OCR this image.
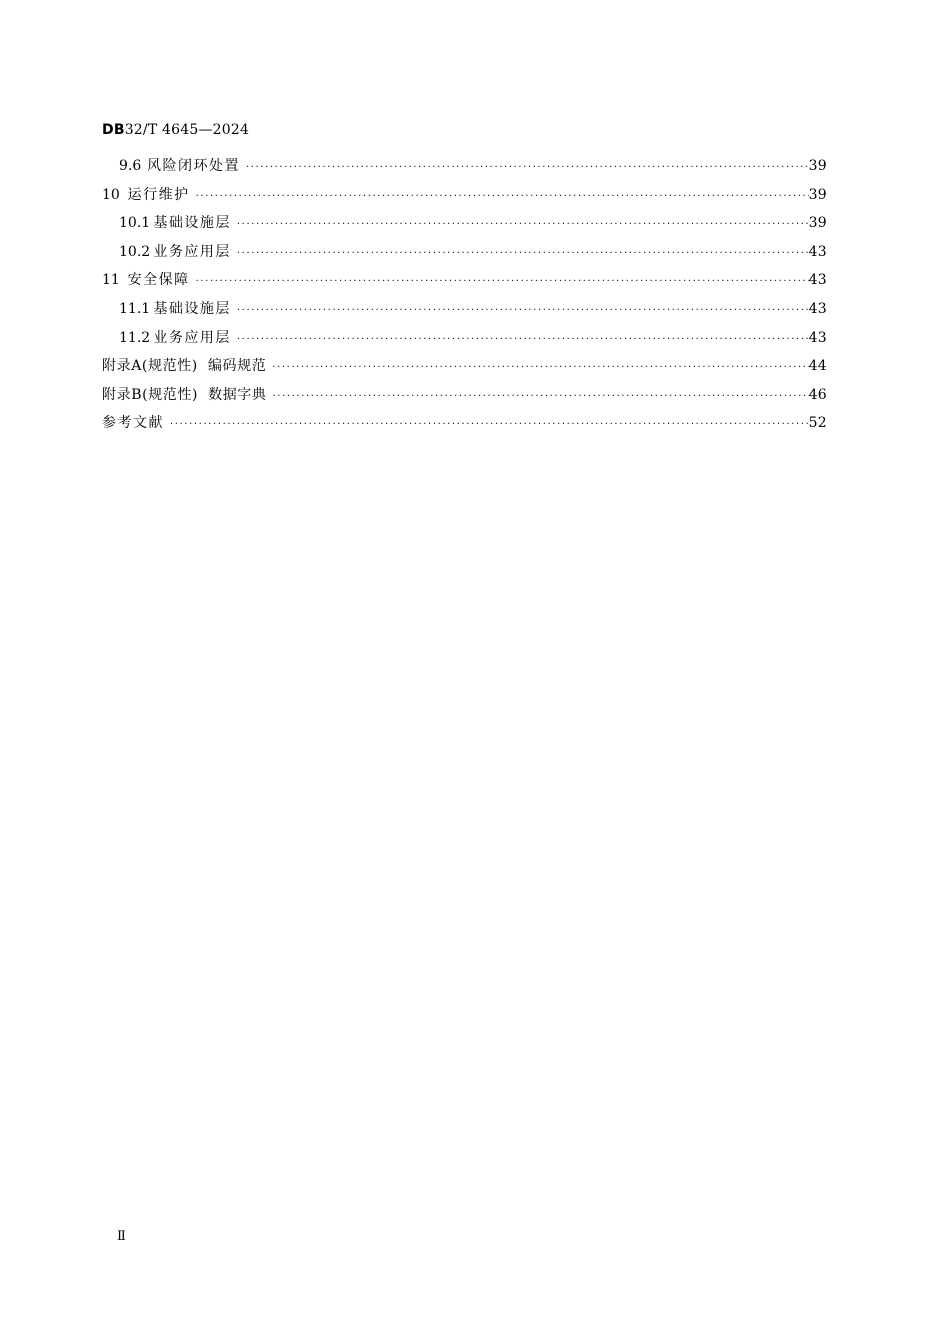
DB32/T 4645—2024
9.6 风险闭环处置 ·····	39
10 运行维护 ·····	39
10.1 基础设施层 ·····	39
10.2 业务应用层 ·····	43
11 安全保障 ·····	43
11.1 基础设施层 ·····	43
11.2 业务应用层 ·····	43
附录A(规范性)  编码规范 ·····	44
附录B(规范性)  数据字典 ·····	46
参考文献 ·····	52
Ⅱ
